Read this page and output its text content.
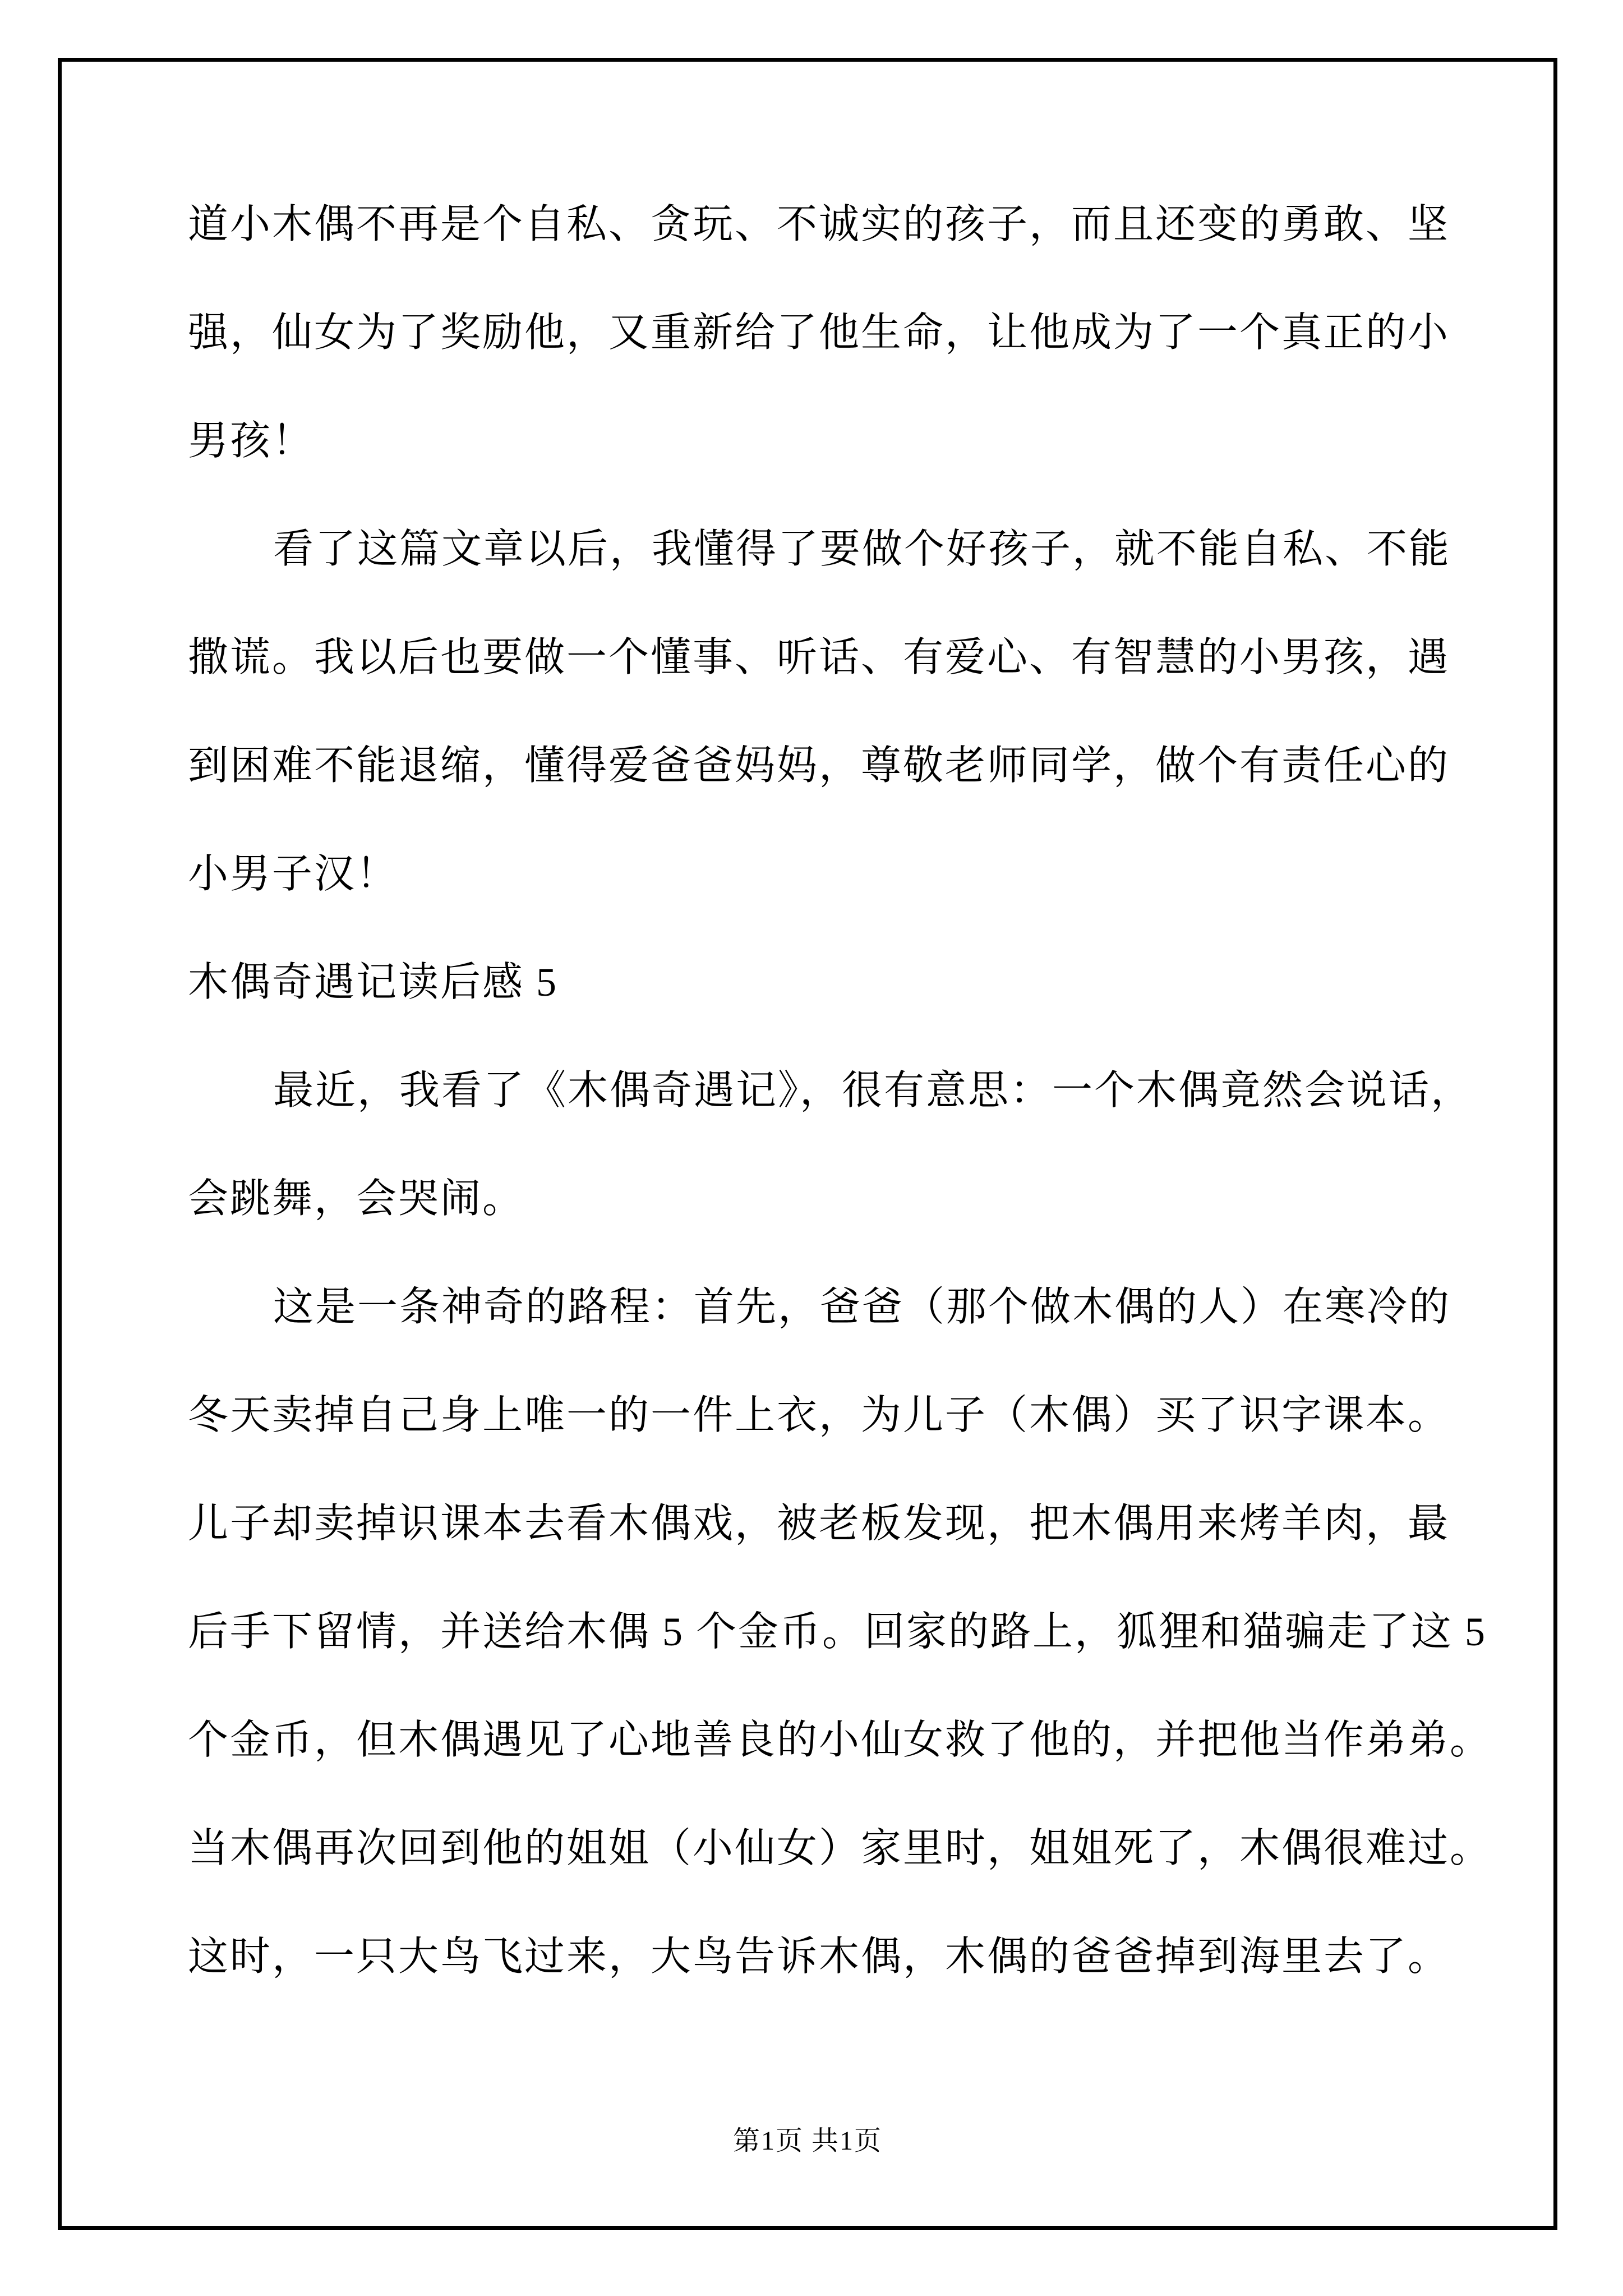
道小木偶不再是个自私、贪玩、不诚实的孩子，而且还变的勇敢、坚
强，仙女为了奖励他，又重新给了他生命，让他成为了一个真正的小
男孩！
看了这篇文章以后，我懂得了要做个好孩子，就不能自私、不能
撒谎。我以后也要做一个懂事、听话、有爱心、有智慧的小男孩，遇
到困难不能退缩，懂得爱爸爸妈妈，尊敬老师同学，做个有责任心的
小男子汉！
木偶奇遇记读后感 5
最近，我看了《木偶奇遇记》，很有意思：一个木偶竟然会说话，
会跳舞，会哭闹。
这是一条神奇的路程：首先，爸爸（那个做木偶的人）在寒冷的
冬天卖掉自己身上唯一的一件上衣，为儿子（木偶）买了识字课本。
儿子却卖掉识课本去看木偶戏，被老板发现，把木偶用来烤羊肉，最
后手下留情，并送给木偶 5 个金币。回家的路上，狐狸和猫骗走了这 5
个金币，但木偶遇见了心地善良的小仙女救了他的，并把他当作弟弟。
当木偶再次回到他的姐姐（小仙女）家里时，姐姐死了，木偶很难过。
这时，一只大鸟飞过来，大鸟告诉木偶，木偶的爸爸掉到海里去了。
第1页 共1页
